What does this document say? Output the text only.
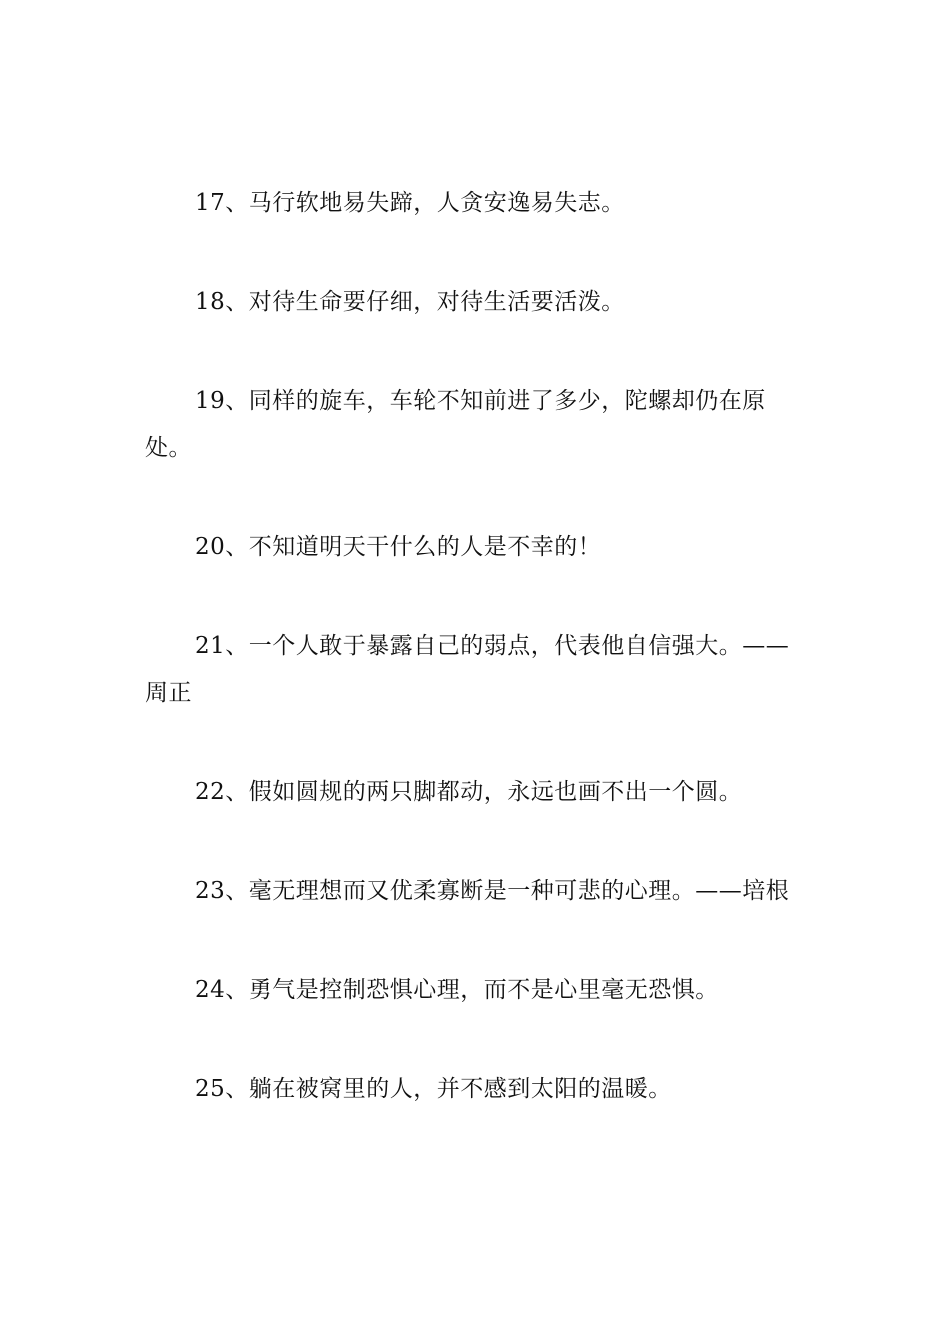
17、马行软地易失蹄，人贪安逸易失志。

18、对待生命要仔细，对待生活要活泼。

19、同样的旋车，车轮不知前进了多少，陀螺却仍在原处。

20、不知道明天干什么的人是不幸的！

21、一个人敢于暴露自己的弱点，代表他自信强大。——周正

22、假如圆规的两只脚都动，永远也画不出一个圆。

23、毫无理想而又优柔寡断是一种可悲的心理。——培根

24、勇气是控制恐惧心理，而不是心里毫无恐惧。

25、躺在被窝里的人，并不感到太阳的温暖。
